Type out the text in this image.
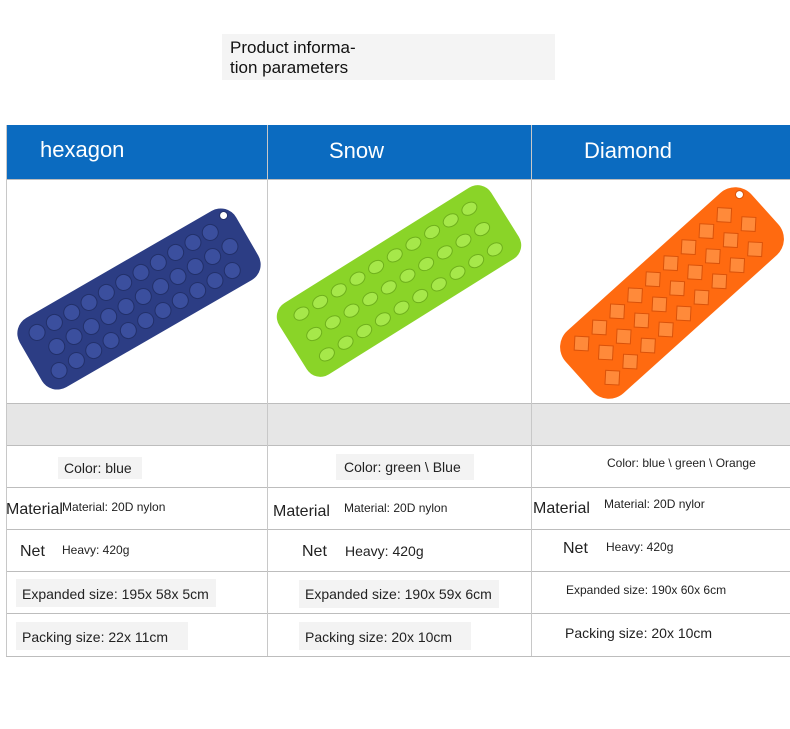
Product informa-
tion parameters
hexagon	Snow	Diamond
Color: blue
Material Material: 20D nylon
Net Heavy: 420g
Expanded size: 195x 58x 5cm
Packing size: 22x 11cm
Color: green \ Blue
Material Material: 20D nylon
Net Heavy: 420g
Expanded size: 190x 59x 6cm
Packing size: 20x 10cm
Color: blue \ green \ Orange
Material Material: 20D nylor
Net Heavy: 420g
Expanded size: 190x 60x 6cm
Packing size: 20x 10cm
